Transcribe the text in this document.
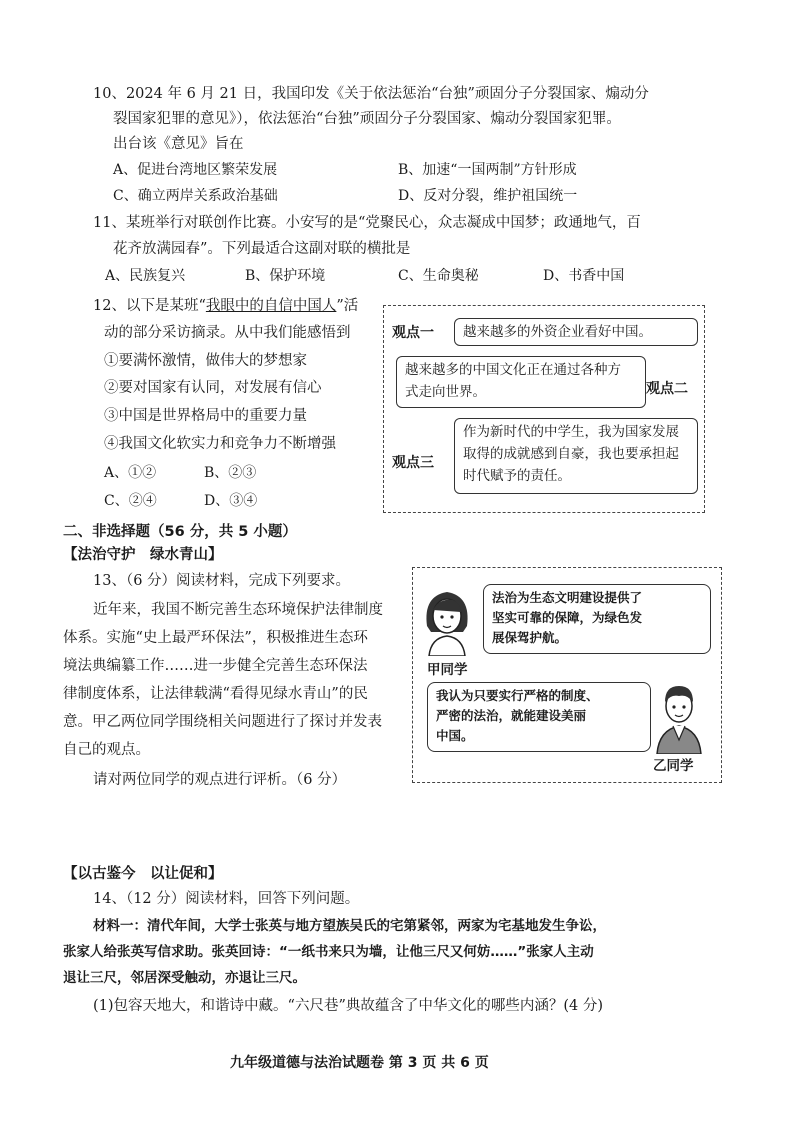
10、2024 年 6 月 21 日，我国印发《关于依法惩治“台独”顽固分子分裂国家、煽动分
裂国家犯罪的意见》），依法惩治“台独”顽固分子分裂国家、煽动分裂国家犯罪。
出台该《意见》旨在
A、促进台湾地区繁荣发展	B、加速“一国两制”方针形成
C、确立两岸关系政治基础	D、反对分裂，维护祖国统一
11、某班举行对联创作比赛。小安写的是“党聚民心，众志凝成中国梦；政通地气，百
花齐放满园春”。下列最适合这副对联的横批是
A、民族复兴	B、保护环境	C、生命奥秘	D、书香中国
12、以下是某班“我眼中的自信中国人”活
动的部分采访摘录。从中我们能感悟到
①要满怀激情，做伟大的梦想家
②要对国家有认同，对发展有信心
③中国是世界格局中的重要力量
④我国文化软实力和竞争力不断增强
A、①②	B、②③
C、②④	D、③④
观点一	越来越多的外资企业看好中国。
越来越多的中国文化正在通过各种方
式走向世界。	观点二
观点三
作为新时代的中学生，我为国家发展
取得的成就感到自豪，我也要承担起
时代赋予的责任。
二、非选择题（56 分，共 5 小题）
【法治守护　绿水青山】
13、（6 分）阅读材料，完成下列要求。
近年来，我国不断完善生态环境保护法律制度
体系。实施“史上最严环保法”，积极推进生态环
境法典编纂工作……进一步健全完善生态环保法
律制度体系，让法律载满“看得见绿水青山”的民
意。甲乙两位同学围绕相关问题进行了探讨并发表
自己的观点。
请对两位同学的观点进行评析。（6 分）
甲同学
法治为生态文明建设提供了
坚实可靠的保障，为绿色发
展保驾护航。
我认为只要实行严格的制度、
严密的法治，就能建设美丽
中国。
乙同学
【以古鉴今　以让促和】
14、（12 分）阅读材料，回答下列问题。
材料一：清代年间，大学士张英与地方望族吴氏的宅第紧邻，两家为宅基地发生争讼，
张家人给张英写信求助。张英回诗：“一纸书来只为墙，让他三尺又何妨……”张家人主动
退让三尺，邻居深受触动，亦退让三尺。
(1)包容天地大，和谐诗中藏。“六尺巷”典故蕴含了中华文化的哪些内涵？(4 分)
九年级道德与法治试题卷 第 3 页 共 6 页
